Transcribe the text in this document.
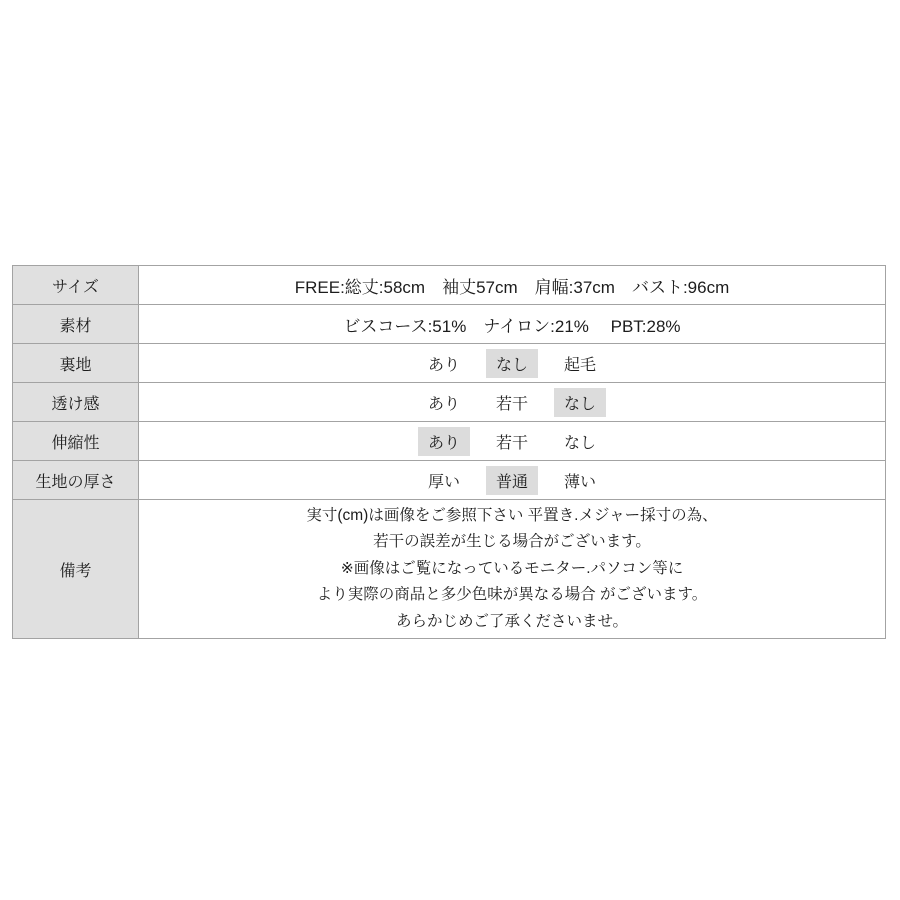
サイズ	FREE:総丈:58cm　袖丈57cm　肩幅:37cm　バスト:96cm
素材	ビスコース:51%　ナイロン:21%　 PBT:28%
裏地	あり	なし	起毛
透け感	あり	若干	なし
伸縮性	あり	若干	なし
生地の厚さ	厚い	普通	薄い
備考
実寸(cm)は画像をご参照下さい 平置き.メジャー採寸の為、
若干の誤差が生じる場合がございます。
※画像はご覧になっているモニター.パソコン等に
より実際の商品と多少色味が異なる場合 がございます。
あらかじめご了承くださいませ。
